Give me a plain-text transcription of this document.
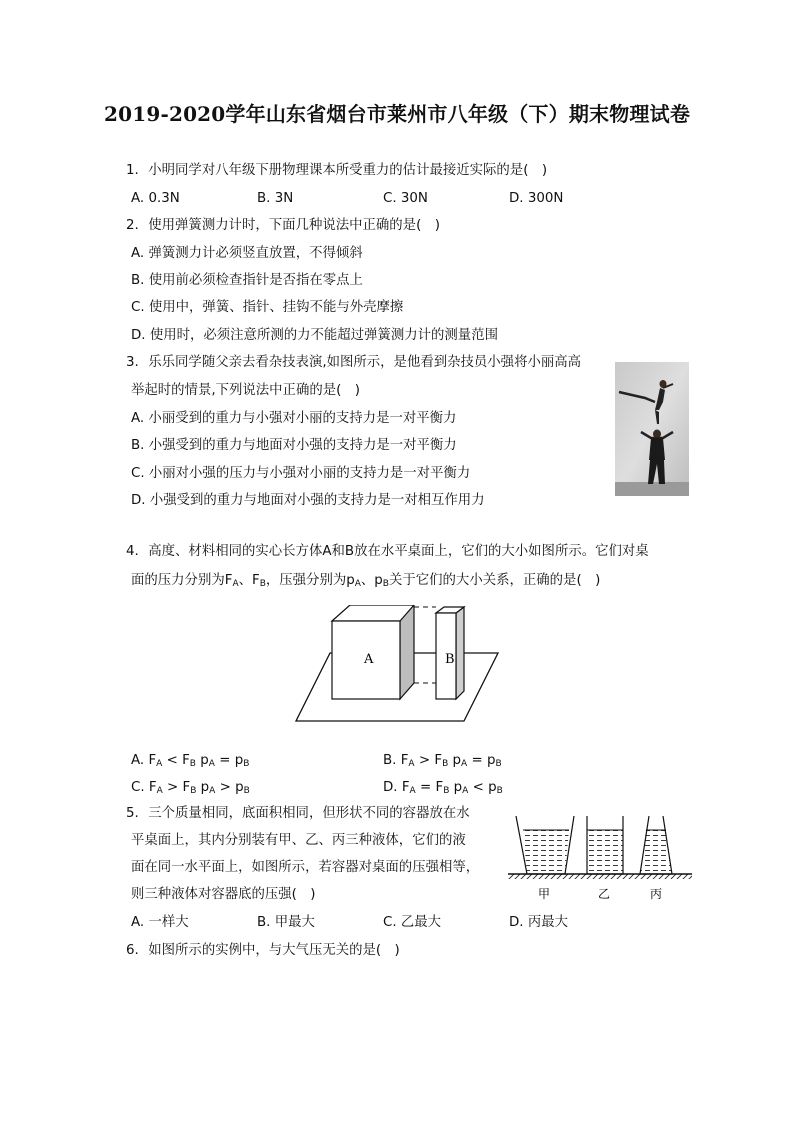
2019-2020学年山东省烟台市莱州市八年级（下）期末物理试卷
1. 小明同学对八年级下册物理课本所受重力的估计最接近实际的是(　)
A. 0.3N	B. 3N	C. 30N	D. 300N
2. 使用弹簧测力计时，下面几种说法中正确的是(　)
A. 弹簧测力计必须竖直放置，不得倾斜
B. 使用前必须检查指针是否指在零点上
C. 使用中，弹簧、指针、挂钩不能与外壳摩擦
D. 使用时，必须注意所测的力不能超过弹簧测力计的测量范围
3. 乐乐同学随父亲去看杂技表演,如图所示，是他看到杂技员小强将小丽高高
举起时的情景,下列说法中正确的是(　)
A. 小丽受到的重力与小强对小丽的支持力是一对平衡力
B. 小强受到的重力与地面对小强的支持力是一对平衡力
C. 小丽对小强的压力与小强对小丽的支持力是一对平衡力
D. 小强受到的重力与地面对小强的支持力是一对相互作用力
4. 高度、材料相同的实心长方体A和B放在水平桌面上，它们的大小如图所示。它们对桌
面的压力分别为$F_A$、$F_B$，压强分别为$p_A$、$p_B$关于它们的大小关系，正确的是(　)
A	B
A. $F_A < F_B$ $p_A = p_B$	B. $F_A > F_B$ $p_A = p_B$
C. $F_A > F_B$ $p_A > p_B$	D. $F_A = F_B$ $p_A < p_B$
5. 三个质量相同，底面积相同，但形状不同的容器放在水
平桌面上，其内分别装有甲、乙、丙三种液体，它们的液
面在同一水平面上，如图所示，若容器对桌面的压强相等，
则三种液体对容器底的压强(　)
A. 一样大	B. 甲最大	C. 乙最大	D. 丙最大
甲	乙	丙
6. 如图所示的实例中，与大气压无关的是(　)
